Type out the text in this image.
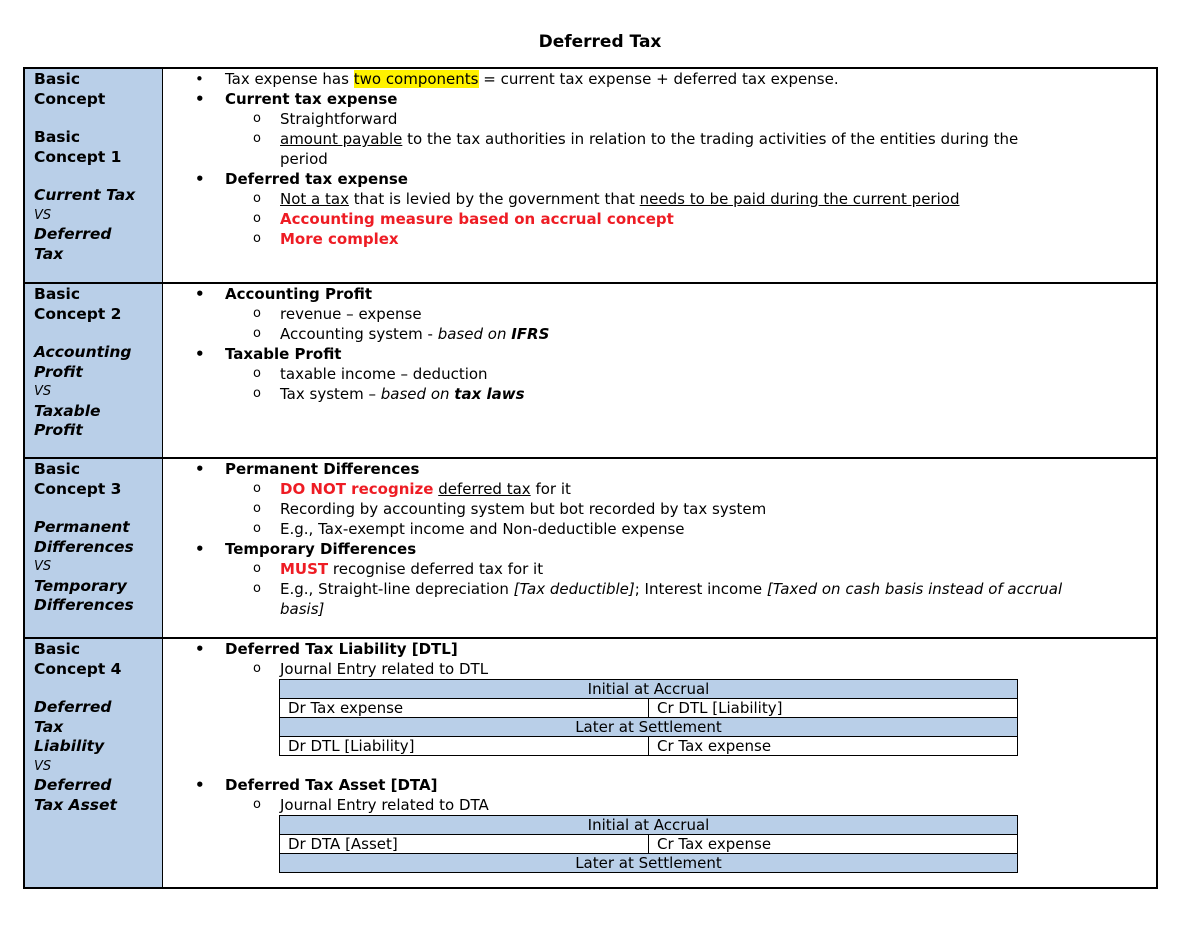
Deferred Tax
Basic
Concept
Basic
Concept 1
Current Tax
VS
Deferred
Tax

• Tax expense has two components = current tax expense + deferred tax expense.
• Current tax expense
o Straightforward
o amount payable to the tax authorities in relation to the trading activities of the entities during the
period
• Deferred tax expense
o Not a tax that is levied by the government that needs to be paid during the current period
o Accounting measure based on accrual concept
o More complex

Basic
Concept 2
Accounting
Profit
VS
Taxable
Profit

• Accounting Profit
o revenue – expense
o Accounting system - based on IFRS
• Taxable Profit
o taxable income – deduction
o Tax system – based on tax laws

Basic
Concept 3
Permanent
Differences
VS
Temporary
Differences

• Permanent Differences
o DO NOT recognize deferred tax for it
o Recording by accounting system but bot recorded by tax system
o E.g., Tax-exempt income and Non-deductible expense
• Temporary Differences
o MUST recognise deferred tax for it
o E.g., Straight-line depreciation [Tax deductible]; Interest income [Taxed on cash basis instead of accrual
basis]

Basic
Concept 4
Deferred
Tax
Liability
VS
Deferred
Tax Asset

• Deferred Tax Liability [DTL]
o Journal Entry related to DTL
Initial at Accrual
Dr Tax expense	Cr DTL [Liability]
Later at Settlement
Dr DTL [Liability]	Cr Tax expense
• Deferred Tax Asset [DTA]
o Journal Entry related to DTA
Initial at Accrual
Dr DTA [Asset]	Cr Tax expense
Later at Settlement
